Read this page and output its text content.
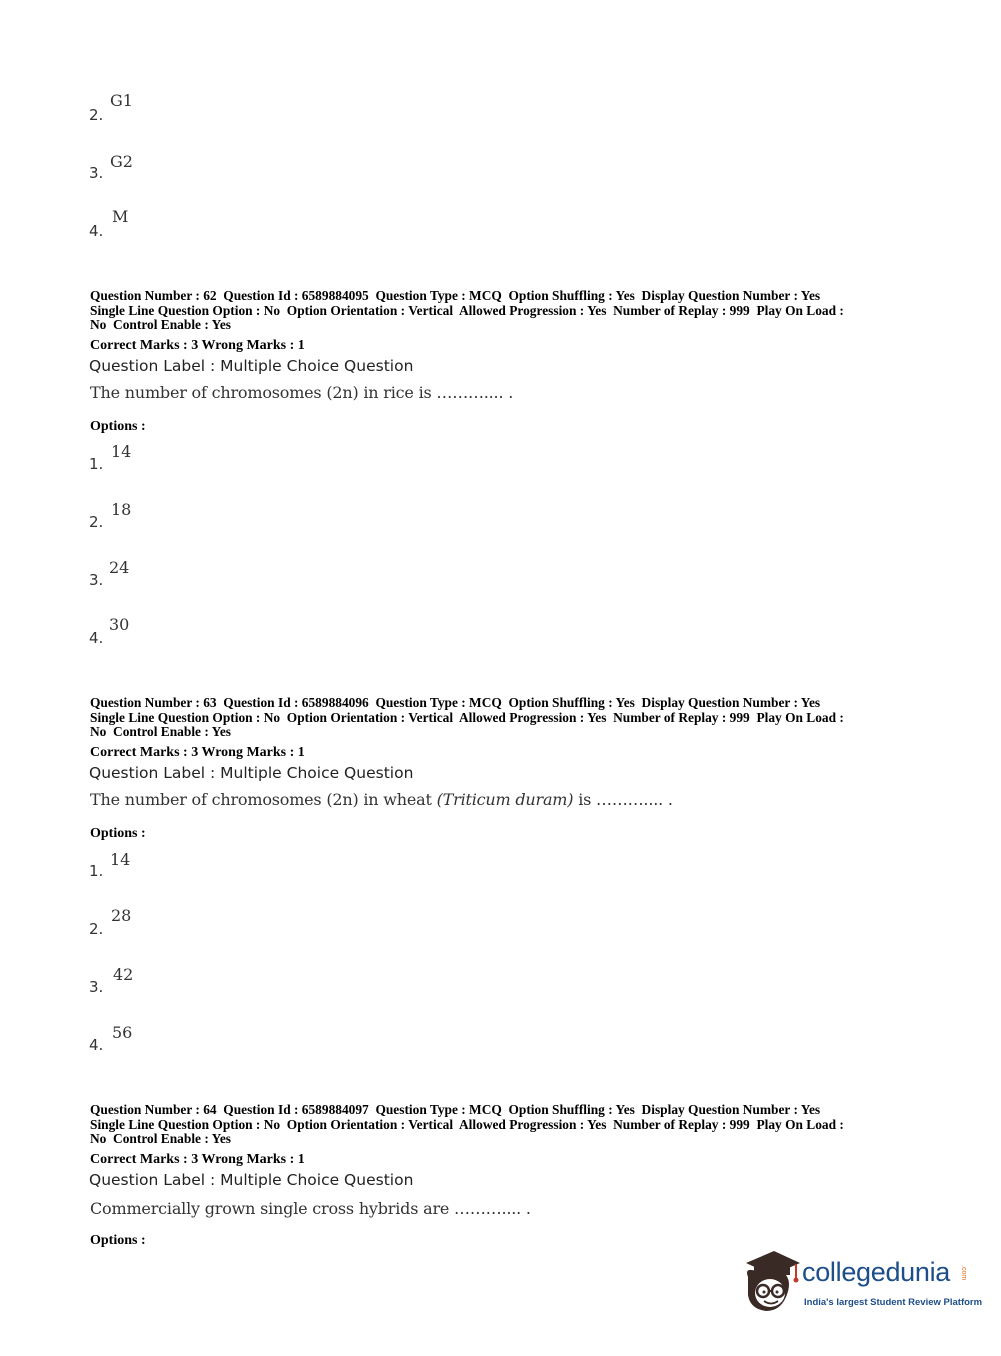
2.
G1
3.
G2
4.
M
Question Number : 62  Question Id : 6589884095  Question Type : MCQ  Option Shuffling : Yes  Display Question Number : Yes
Single Line Question Option : No  Option Orientation : Vertical  Allowed Progression : Yes  Number of Replay : 999  Play On Load :
No  Control Enable : Yes
Correct Marks : 3 Wrong Marks : 1
Question Label : Multiple Choice Question
The number of chromosomes (2n) in rice is ……….... .
Options :
1.
14
2.
18
3.
24
4.
30
Question Number : 63  Question Id : 6589884096  Question Type : MCQ  Option Shuffling : Yes  Display Question Number : Yes
Single Line Question Option : No  Option Orientation : Vertical  Allowed Progression : Yes  Number of Replay : 999  Play On Load :
No  Control Enable : Yes
Correct Marks : 3 Wrong Marks : 1
Question Label : Multiple Choice Question
The number of chromosomes (2n) in wheat (Triticum duram) is ……….... .
Options :
1.
14
2.
28
3.
42
4.
56
Question Number : 64  Question Id : 6589884097  Question Type : MCQ  Option Shuffling : Yes  Display Question Number : Yes
Single Line Question Option : No  Option Orientation : Vertical  Allowed Progression : Yes  Number of Replay : 999  Play On Load :
No  Control Enable : Yes
Correct Marks : 3 Wrong Marks : 1
Question Label : Multiple Choice Question
Commercially grown single cross hybrids are ……….... .
Options :
collegedunia .com
India's largest Student Review Platform
